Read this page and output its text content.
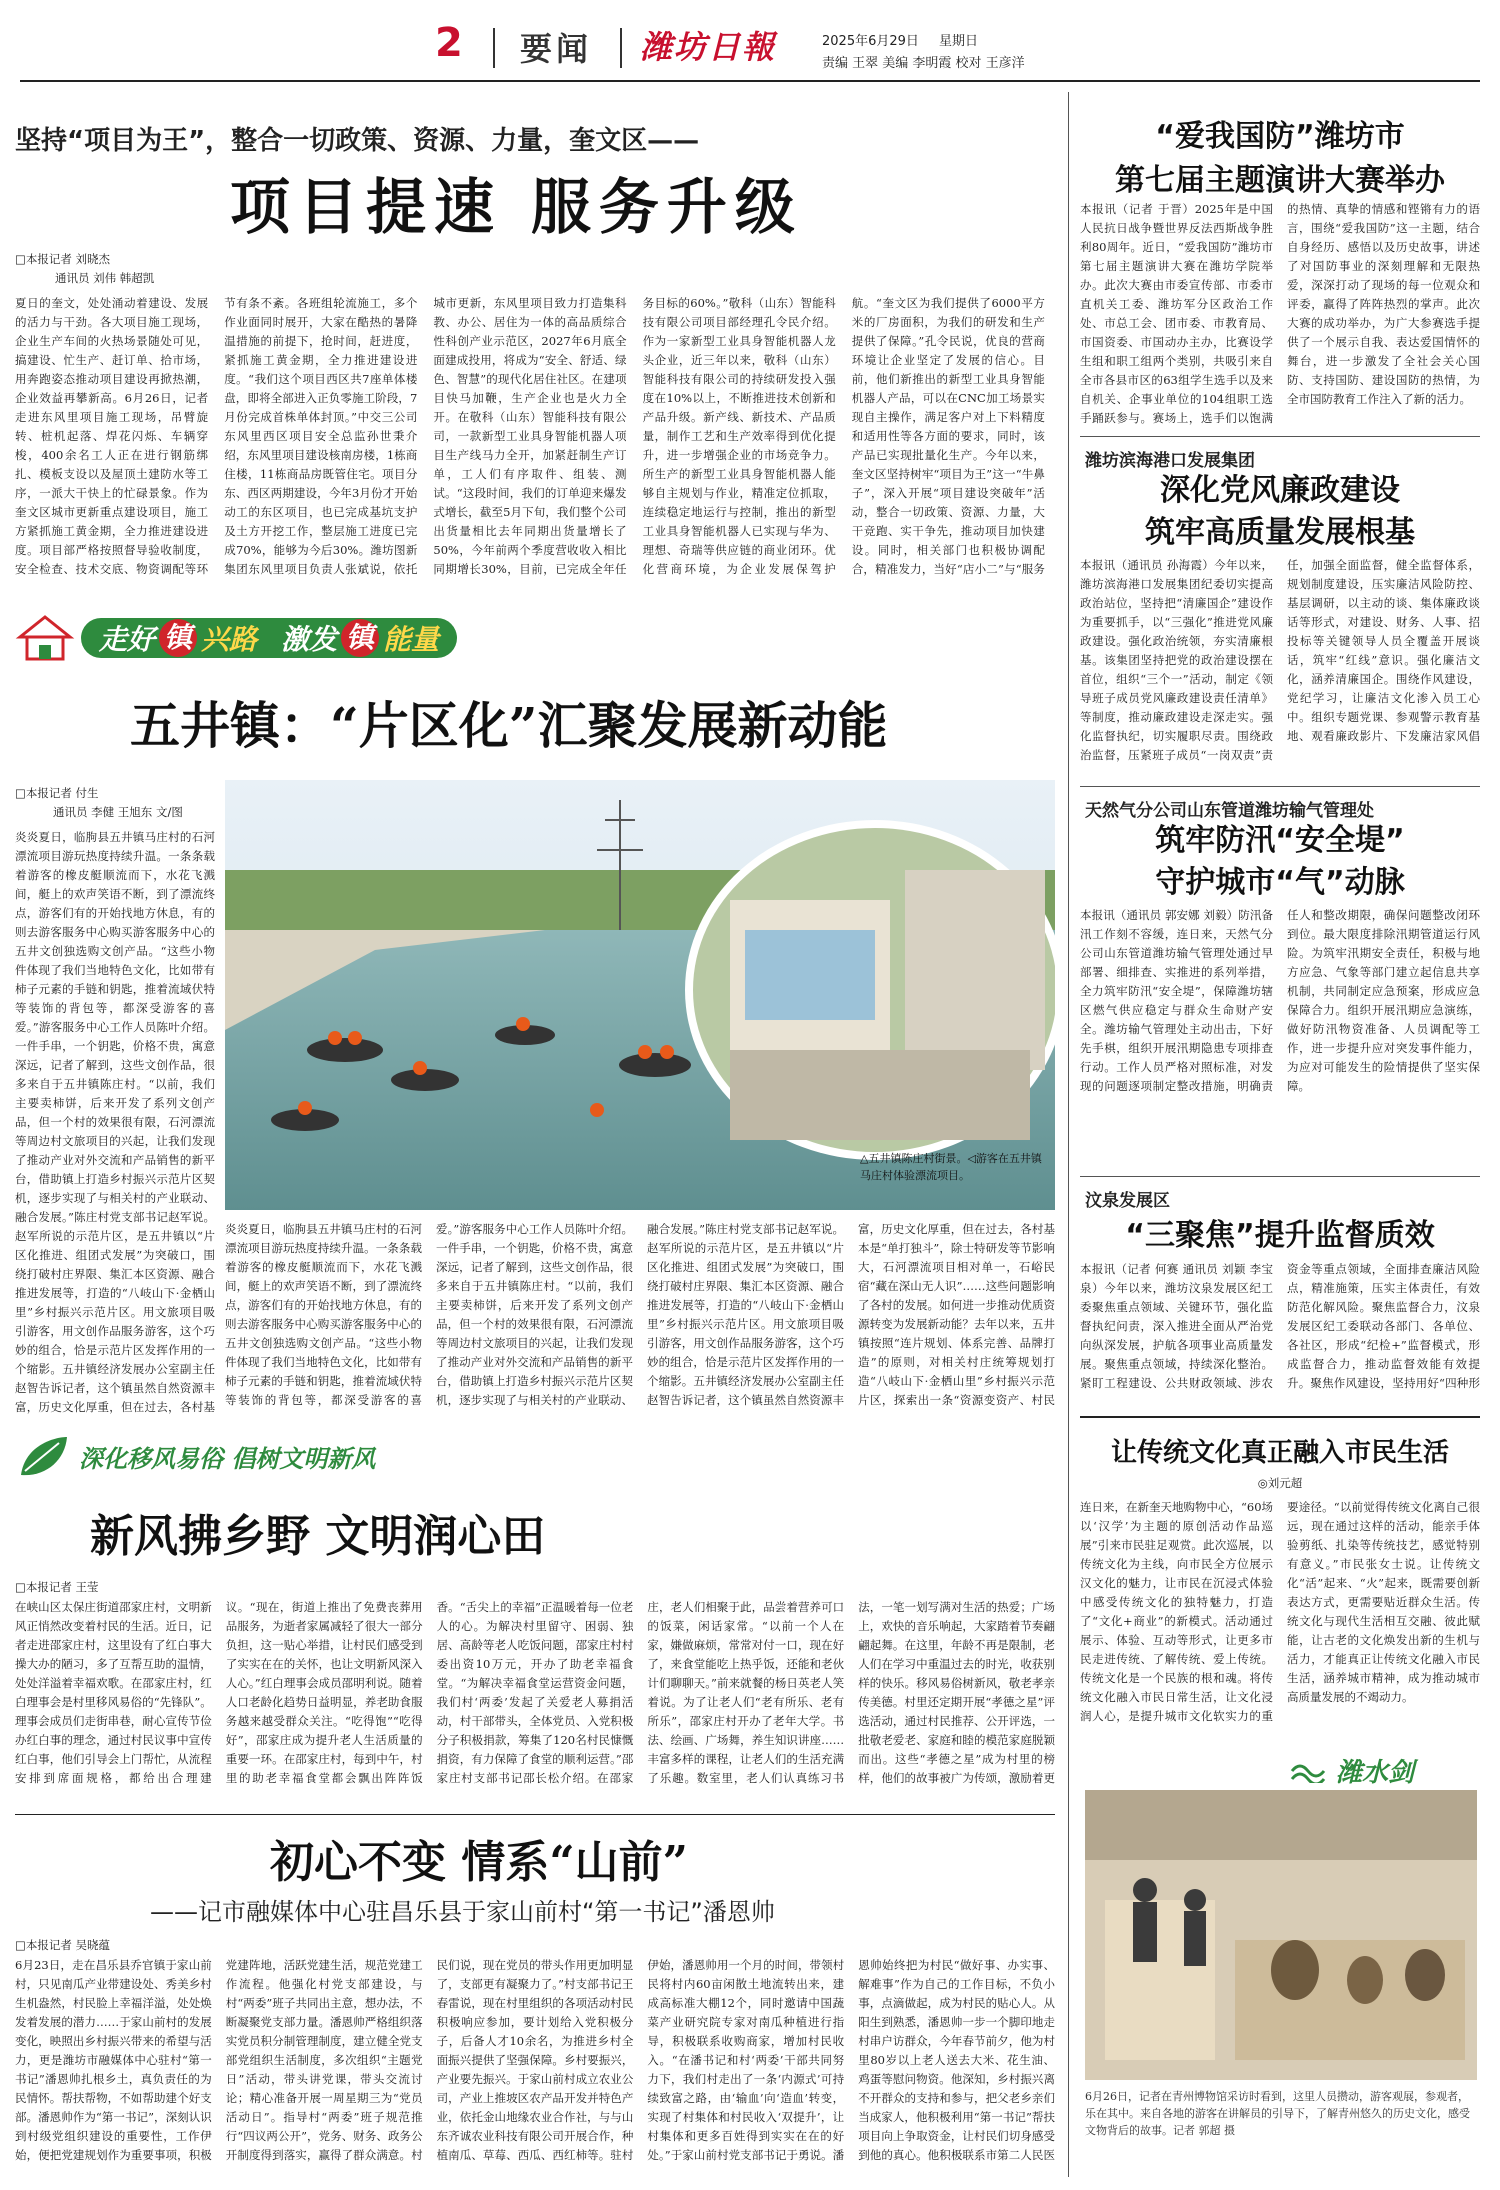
2 要闻 潍坊日報	2025年6月29日 星期日
责编 王翠 美编 李明霞 校对 王彦洋
坚持“项目为王”，整合一切政策、资源、力量，奎文区——
项目提速 服务升级
□本报记者 刘晓杰
通讯员 刘伟 韩超凯
夏日的奎文，处处涌动着建设、发展的活力与干劲。各大项目施工现场，企业生产车间的火热场景随处可见，搞建设、忙生产、赶订单、拾市场，用奔跑姿态推动项目建设再掀热潮，企业效益再攀新高。6月26日，记者走进东风里项目施工现场，吊臂旋转、桩机起落、焊花闪烁、车辆穿梭，400余名工人正在进行钢筋绑扎、模板支设以及屋顶土建防水等工序，一派大干快上的忙碌景象。作为奎文区城市更新重点建设项目，施工方紧抓施工黄金期，全力推进建设进度。项目部严格按照督导验收制度，安全检查、技术交底、物资调配等环节有条不紊。各班组轮流施工，多个作业面同时展开，大家在酷热的暑降温措施的前提下，抢时间，赶进度，紧抓施工黄金期，全力推进建设进度。“我们这个项目西区共7座单体楼盘，即将全部进入正负零施工阶段，7月份完成首株单体封顶。”中交三公司东风里西区项目安全总监孙世秉介绍，东风里项目建设核南房楼，1栋商住楼，11栋商品房既管住宅。项目分东、西区两期建设，今年3月份才开始动工的东区项目，也已完成基坑支护及土方开挖工作，整层施工进度已完成70%，能够为今后30%。潍坊图新集团东风里项目负责人张斌说，依托城市更新，东风里项目致力打造集科教、办公、居住为一体的高品质综合性科创产业示范区，2027年6月底全面建成投用，将成为“安全、舒适、绿色、智慧”的现代化居住社区。在建项目快马加鞭，生产企业也是火力全开。在敬科（山东）智能科技有限公司，一款新型工业具身智能机器人项目生产线马力全开，加紧赶制生产订单，工人们有序取件、组装、测试。“这段时间，我们的订单迎来爆发式增长，截至5月下旬，我们整个公司出货量相比去年同期出货量增长了50%，今年前两个季度营收收入相比同期增长30%，目前，已完成全年任务目标的60%。”敬科（山东）智能科技有限公司项目部经理孔令民介绍。作为一家新型工业具身智能机器人龙头企业，近三年以来，敬科（山东）智能科技有限公司的持续研发投入强度在10%以上，不断推进技术创新和产品升级。新产线、新技术、产品质量，制作工艺和生产效率得到优化提升，进一步增强企业的市场竞争力。所生产的新型工业具身智能机器人能够自主规划与作业，精准定位抓取，连续稳定地运行与控制，推出的新型工业具身智能机器人已实现与华为、理想、奇瑞等供应链的商业闭环。优化营商环境，为企业发展保驾护航。“奎文区为我们提供了6000平方米的厂房面积，为我们的研发和生产提供了保障。”孔令民说，优良的营商环境让企业坚定了发展的信心。目前，他们新推出的新型工业具身智能机器人产品，可以在CNC加工场景实现自主操作，满足客户对上下料精度和适用性等各方面的要求，同时，该产品已实现批量化生产。今年以来，奎文区坚持树牢“项目为王”这一“牛鼻子”，深入开展“项目建设突破年”活动，整合一切政策、资源、力量，大干竞跑、实干争先，推动项目加快建设。同时，相关部门也积极协调配合，精准发力，当好“店小二”与“服务
走好 镇 兴路 激发 镇 能量
五井镇：“片区化”汇聚发展新动能
□本报记者 付生
通讯员 李健 王旭东 文/图
炎炎夏日，临朐县五井镇马庄村的石河漂流项目游玩热度持续升温。一条条载着游客的橡皮艇顺流而下，水花飞溅间，艇上的欢声笑语不断，到了漂流终点，游客们有的开始找地方休息，有的则去游客服务中心购买游客服务中心的五井文创独选购文创产品。“这些小物件体现了我们当地特色文化，比如带有柿子元素的手链和钥匙，推着流域伏特等装饰的背包等，都深受游客的喜爱。”游客服务中心工作人员陈叶介绍。一件手串，一个钥匙，价格不贵，寓意深远，记者了解到，这些文创作品，很多来自于五井镇陈庄村。“以前，我们主要卖柿饼，后来开发了系列文创产品，但一个村的效果很有限，石河漂流等周边村文旅项目的兴起，让我们发现了推动产业对外交流和产品销售的新平台，借助镇上打造乡村振兴示范片区契机，逐步实现了与相关村的产业联动、融合发展。”陈庄村党支部书记赵军说。赵军所说的示范片区，是五井镇以“片区化推进、组团式发展”为突破口，围绕打破村庄界限、集汇本区资源、融合推进发展等，打造的“八岐山下·金栖山里”乡村振兴示范片区。用文旅项目吸引游客，用文创作品服务游客，这个巧妙的组合，恰是示范片区发挥作用的一个缩影。五井镇经济发展办公室副主任赵智告诉记者，这个镇虽然自然资源丰富，历史文化厚重，但在过去，各村基
△五井镇陈庄村街景。◁游客在五井镇马庄村体验漂流项目。
炎炎夏日，临朐县五井镇马庄村的石河漂流项目游玩热度持续升温。一条条载着游客的橡皮艇顺流而下，水花飞溅间，艇上的欢声笑语不断，到了漂流终点，游客们有的开始找地方休息，有的则去游客服务中心购买游客服务中心的五井文创独选购文创产品。“这些小物件体现了我们当地特色文化，比如带有柿子元素的手链和钥匙，推着流域伏特等装饰的背包等，都深受游客的喜爱。”游客服务中心工作人员陈叶介绍。一件手串，一个钥匙，价格不贵，寓意深远，记者了解到，这些文创作品，很多来自于五井镇陈庄村。“以前，我们主要卖柿饼，后来开发了系列文创产品，但一个村的效果很有限，石河漂流等周边村文旅项目的兴起，让我们发现了推动产业对外交流和产品销售的新平台，借助镇上打造乡村振兴示范片区契机，逐步实现了与相关村的产业联动、融合发展。”陈庄村党支部书记赵军说。赵军所说的示范片区，是五井镇以“片区化推进、组团式发展”为突破口，围绕打破村庄界限、集汇本区资源、融合推进发展等，打造的“八岐山下·金栖山里”乡村振兴示范片区。用文旅项目吸引游客，用文创作品服务游客，这个巧妙的组合，恰是示范片区发挥作用的一个缩影。五井镇经济发展办公室副主任赵智告诉记者，这个镇虽然自然资源丰富，历史文化厚重，但在过去，各村基本是“单打独斗”，除士特研发等节影响大，石河漂流项目相对单一，石峪民宿“藏在深山无人识”……这些问题影响了各村的发展。如何进一步推动优质资源转变为发展新动能？去年以来，五井镇按照“连片规划、体系完善、品牌打造”的原则，对相关村庄统筹规划打造“八岐山下·金栖山里”乡村振兴示范片区，探索出一条“资源变资产、村民
深化移风易俗 倡树文明新风
新风拂乡野 文明润心田
□本报记者 王莹
在峡山区太保庄街道邵家庄村，文明新风正悄然改变着村民的生活。近日，记者走进邵家庄村，这里设有了红白事大操大办的陋习，多了互帮互助的温情，处处洋溢着幸福欢歌。在邵家庄村，红白理事会是村里移风易俗的“先锋队”。理事会成员们走街串巷，耐心宣传节俭办红白事的理念，通过村民议事中宣传红白事，他们引导会上门帮忙，从流程安排到席面规格，都给出合理建议。“现在，街道上推出了免费丧葬用品服务，为逝者家属减轻了很大一部分负担，这一贴心举措，让村民们感受到了实实在在的关怀，也让文明新风深入人心。”红白理事会成员邵明利说。随着人口老龄化趋势日益明显，养老助食服务越来越受群众关注。“吃得饱”“吃得好”，邵家庄成为提升老人生活质量的重要一环。在邵家庄村，每到中午，村里的助老幸福食堂都会飘出阵阵饭香。“舌尖上的幸福”正温暖着每一位老人的心。为解决村里留守、困弱、独居、高龄等老人吃饭问题，邵家庄村村委出资10万元，开办了助老幸福食堂。“为解决幸福食堂运营资金问题，我们村‘两委’发起了关爱老人募捐活动，村干部带头，全体党员、入党积极分子积极捐款，筹集了120名村民慷慨捐资，有力保障了食堂的顺利运营。”邵家庄村支部书记邵长松介绍。在邵家庄，老人们相聚于此，品尝着营养可口的饭菜，闲话家常。“以前一个人在家，嫌做麻烦，常常对付一口，现在好了，来食堂能吃上热乎饭，还能和老伙计们聊聊天。”前来就餐的杨日英老人笑着说。为了让老人们“老有所乐、老有所乐”，邵家庄村开办了老年大学。书法、绘画、广场舞，养生知识讲座……丰富多样的课程，让老人们的生活充满了乐趣。数室里，老人们认真练习书法，一笔一划写满对生活的热爱；广场上，欢快的音乐响起，大家踏着节奏翩翩起舞。在这里，年龄不再是限制，老人们在学习中重温过去的时光，收获别样的快乐。移风易俗树新风，敬老孝亲传美德。村里还定期开展“孝德之星”评选活动，通过村民推荐、公开评选，一批敬老爱老、家庭和睦的模范家庭脱颖而出。这些“孝德之星”成为村里的榜样，他们的故事被广为传颂，激励着更
初心不变 情系“山前”
——记市融媒体中心驻昌乐县于家山前村“第一书记”潘恩帅
□本报记者 吴晓蕴
6月23日，走在昌乐县乔官镇于家山前村，只见南瓜产业带建设处、秀美乡村生机盎然，村民脸上幸福洋溢，处处焕发着发展的潜力……于家山前村的发展变化，映照出乡村振兴带来的希望与活力，更是潍坊市融媒体中心驻村“第一书记”潘恩帅扎根乡土，真负责任的为民情怀。帮扶帮物，不如帮助建个好支部。潘恩帅作为“第一书记”，深刻认识到村级党组织建设的重要性，工作伊始，便把党建规划作为重要事项，积极党建阵地，活跃党建生活，规范党建工作流程。他强化村党支部建设，与村“两委”班子共同出主意，想办法，不断凝聚党支部力量。潘恩帅严格组织落实党员积分制管理制度，建立健全党支部党组织生活制度，多次组织“主题党日”活动，带头讲党课，带头交流讨论；精心准备开展一周星期三为“党员活动日”。指导村“两委”班子规范推行“四议两公开”，党务、财务、政务公开制度得到落实，赢得了群众满意。村民们说，现在党员的带头作用更加明显了，支部更有凝聚力了。”村支部书记王春雷说，现在村里组织的各项活动村民积极响应参加，要计划给入党积极分子，后备人才10余名，为推进乡村全面振兴提供了坚强保障。乡村要振兴，产业要先振兴。于家山前村成立农业公司，产业上推坡区农产品开发并特色产业，依托金山地缘农业合作社，与与山东齐诚农业科技有限公司开展合作，种植南瓜、草莓、西瓜、西红柿等。驻村伊始，潘恩帅用一个月的时间，带领村民将村内60亩闲散土地流转出来，建成高标准大棚12个，同时邀请中国蔬菜产业研究院专家对南瓜种植进行指导，积极联系收购商家，增加村民收入。“在潘书记和村‘两委’干部共同努力下，我们村走出了一条‘内源式’可持续致富之路，由‘输血’向‘造血’转变，实现了村集体和村民收入‘双提升’，让村集体和更多百姓得到实实在在的好处。”于家山前村党支部书记于勇说。潘恩帅始终把为村民“做好事、办实事、解难事”作为自己的工作目标，不负小事，点滴做起，成为村民的贴心人。从阳生到熟悉，潘恩帅一步一个脚印地走村串户访群众，今年春节前夕，他为村里80岁以上老人送去大米、花生油、鸡蛋等慰问物资。他深知，乡村振兴离不开群众的支持和参与，把父老乡亲们当成家人，他积极利用“第一书记”帮扶项目向上争取资金，让村民们切身感受到他的真心。他积极联系市第二人民医
“爱我国防”潍坊市
第七届主题演讲大赛举办
本报讯（记者 于晋）2025年是中国人民抗日战争暨世界反法西斯战争胜利80周年。近日，“爱我国防”潍坊市第七届主题演讲大赛在潍坊学院举办。此次大赛由市委宣传部、市委市直机关工委、潍坊军分区政治工作处、市总工会、团市委、市教育局、市国资委、市国动办主办，比赛设学生组和职工组两个类别，共吸引来自全市各县市区的63组学生选手以及来自机关、企事业单位的104组职工选手踊跃参与。赛场上，选手们以饱满的热情、真挚的情感和铿锵有力的语言，围绕“爱我国防”这一主题，结合自身经历、感悟以及历史故事，讲述了对国防事业的深刻理解和无限热爱，深深打动了现场的每一位观众和评委，赢得了阵阵热烈的掌声。此次大赛的成功举办，为广大参赛选手提供了一个展示自我、表达爱国情怀的舞台，进一步激发了全社会关心国防、支持国防、建设国防的热情，为全市国防教育工作注入了新的活力。
潍坊滨海港口发展集团
深化党风廉政建设
筑牢高质量发展根基
本报讯（通讯员 孙海霞）今年以来，潍坊滨海港口发展集团纪委切实提高政治站位，坚持把“清廉国企”建设作为重要抓手，以“三强化”推进党风廉政建设。强化政治统领，夯实清廉根基。该集团坚持把党的政治建设摆在首位，组织“三个一”活动，制定《领导班子成员党风廉政建设责任清单》等制度，推动廉政建设走深走实。强化监督执纪，切实履职尽责。围绕政治监督，压紧班子成员“一岗双责”责任，加强全面监督，健全监督体系，规划制度建设，压实廉洁风险防控、基层调研，以主动的谈、集体廉政谈话等形式，对建设、财务、人事、招投标等关键领导人员全覆盖开展谈话，筑牢“红线”意识。强化廉洁文化，涵养清廉国企。围绕作风建设，党纪学习，让廉洁文化渗入员工心中。组织专题党课、参观警示教育基地、观看廉政影片、下发廉洁家风倡
天然气分公司山东管道潍坊输气管理处
筑牢防汛“安全堤”
守护城市“气”动脉
本报讯（通讯员 郭安娜 刘毅）防汛备汛工作刻不容缓，连日来，天然气分公司山东管道潍坊输气管理处通过早部署、细排查、实推进的系列举措，全力筑牢防汛“安全堤”，保障潍坊辖区燃气供应稳定与群众生命财产安全。潍坊输气管理处主动出击，下好先手棋，组织开展汛期隐患专项排查行动。工作人员严格对照标准，对发现的问题逐项制定整改措施，明确责任人和整改期限，确保问题整改闭环到位。最大限度排除汛期管道运行风险。为筑牢汛期安全责任，积极与地方应急、气象等部门建立起信息共享机制，共同制定应急预案，形成应急保障合力。组织开展汛期应急演练，做好防汛物资准备、人员调配等工作，进一步提升应对突发事件能力，为应对可能发生的险情提供了坚实保障。
汶泉发展区
“三聚焦”提升监督质效
本报讯（记者 何赛 通讯员 刘颖 李宝泉）今年以来，潍坊汶泉发展区纪工委聚焦重点领域、关键环节，强化监督执纪问责，深入推进全面从严治党向纵深发展，护航各项事业高质量发展。聚焦重点领域，持续深化整治。紧盯工程建设、公共财政领域、涉农资金等重点领域，全面排查廉洁风险点，精准施策，压实主体责任，有效防范化解风险。聚焦监督合力，汶泉发展区纪工委联动各部门、各单位、各社区，形成“纪检+”监督模式，形成监督合力，推动监督效能有效提升。聚焦作风建设，坚持用好“四种形
让传统文化真正融入市民生活
◎刘元超
连日来，在新奎天地购物中心，“60场以‘汉学’为主题的原创活动作品巡展”引来市民驻足观赏。此次巡展，以传统文化为主线，向市民全方位展示汉文化的魅力，让市民在沉浸式体验中感受传统文化的独特魅力，打造了“文化+商业”的新模式。活动通过展示、体验、互动等形式，让更多市民走进传统、了解传统、爱上传统。传统文化是一个民族的根和魂。将传统文化融入市民日常生活，让文化浸润人心，是提升城市文化软实力的重要途径。“以前觉得传统文化离自己很远，现在通过这样的活动，能亲手体验剪纸、扎染等传统技艺，感觉特别有意义。”市民张女士说。让传统文化“活”起来、“火”起来，既需要创新表达方式，更需要贴近群众生活。传统文化与现代生活相互交融、彼此赋能，让古老的文化焕发出新的生机与活力，才能真正让传统文化融入市民生活，涵养城市精神，成为推动城市高质量发展的不竭动力。
潍水剑
6月26日，记者在青州博物馆采访时看到，这里人员攒动，游客观展，参观者，乐在其中。来自各地的游客在讲解员的引导下，了解青州悠久的历史文化，感受文物背后的故事。记者 郭超 摄
